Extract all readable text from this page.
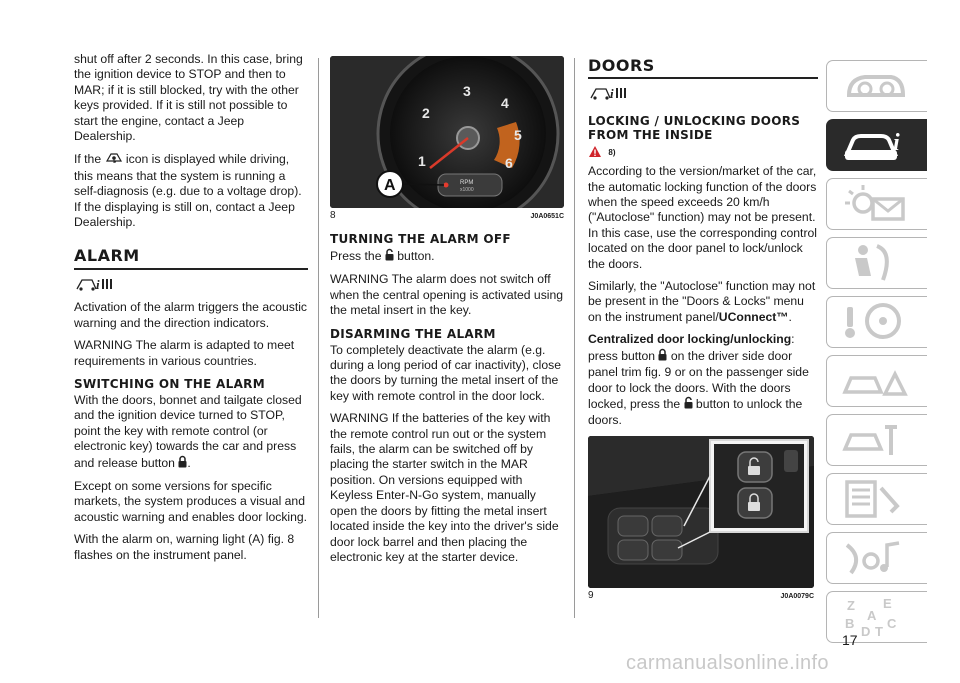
shut off after 2 seconds. In this case, bring the ignition device to STOP and then to MAR; if it is still blocked, try with the other keys provided. If it is still not possible to start the engine, contact a Jeep Dealership.

If the icon is displayed while driving, this means that the system is running a self-diagnosis (e.g. due to a voltage drop). If the displaying is still on, contact a Jeep Dealership.

ALARM
i

Activation of the alarm triggers the acoustic warning and the direction indicators.

WARNING The alarm is adapted to meet requirements in various countries.

SWITCHING ON THE ALARM

With the doors, bonnet and tailgate closed and the ignition device turned to STOP, point the key with remote control (or electronic key) towards the car and press and release button .

Except on some versions for specific markets, the system produces a visual and acoustic warning and enables door locking.

With the alarm on, warning light (A) fig. 8 flashes on the instrument panel.

1
2
3
4
5
6
RPM
x1000
A
8	J0A0651C
TURNING THE ALARM OFF

Press the button.

WARNING The alarm does not switch off when the central opening is activated using the metal insert in the key.

DISARMING THE ALARM

To completely deactivate the alarm (e.g. during a long period of car inactivity), close the doors by turning the metal insert of the key with remote control in the door lock.

WARNING If the batteries of the key with the remote control run out or the system fails, the alarm can be switched off by placing the starter switch in the MAR position. On versions equipped with Keyless Enter-N-Go system, manually open the doors by fitting the metal insert located inside the key into the driver's side door lock barrel and then placing the electronic key at the starter device.

DOORS
i
LOCKING / UNLOCKING DOORS FROM THE INSIDE
$^{8)}$

According to the version/market of the car, the automatic locking function of the doors when the speed exceeds 20 km/h ("Autoclose" function) may not be present. In this case, use the corresponding control located on the door panel to lock/unlock the doors.

Similarly, the "Autoclose" function may not be present in the "Doors & Locks" menu on the instrument panel/UConnect™.

Centralized door locking/unlocking: press button on the driver side door panel trim fig. 9 or on the passenger side door to lock the doors. With the doors locked, press the button to unlock the doors.

9	J0A0079C
i
Z E
A
B	C
D T
17
carmanualsonline.info
